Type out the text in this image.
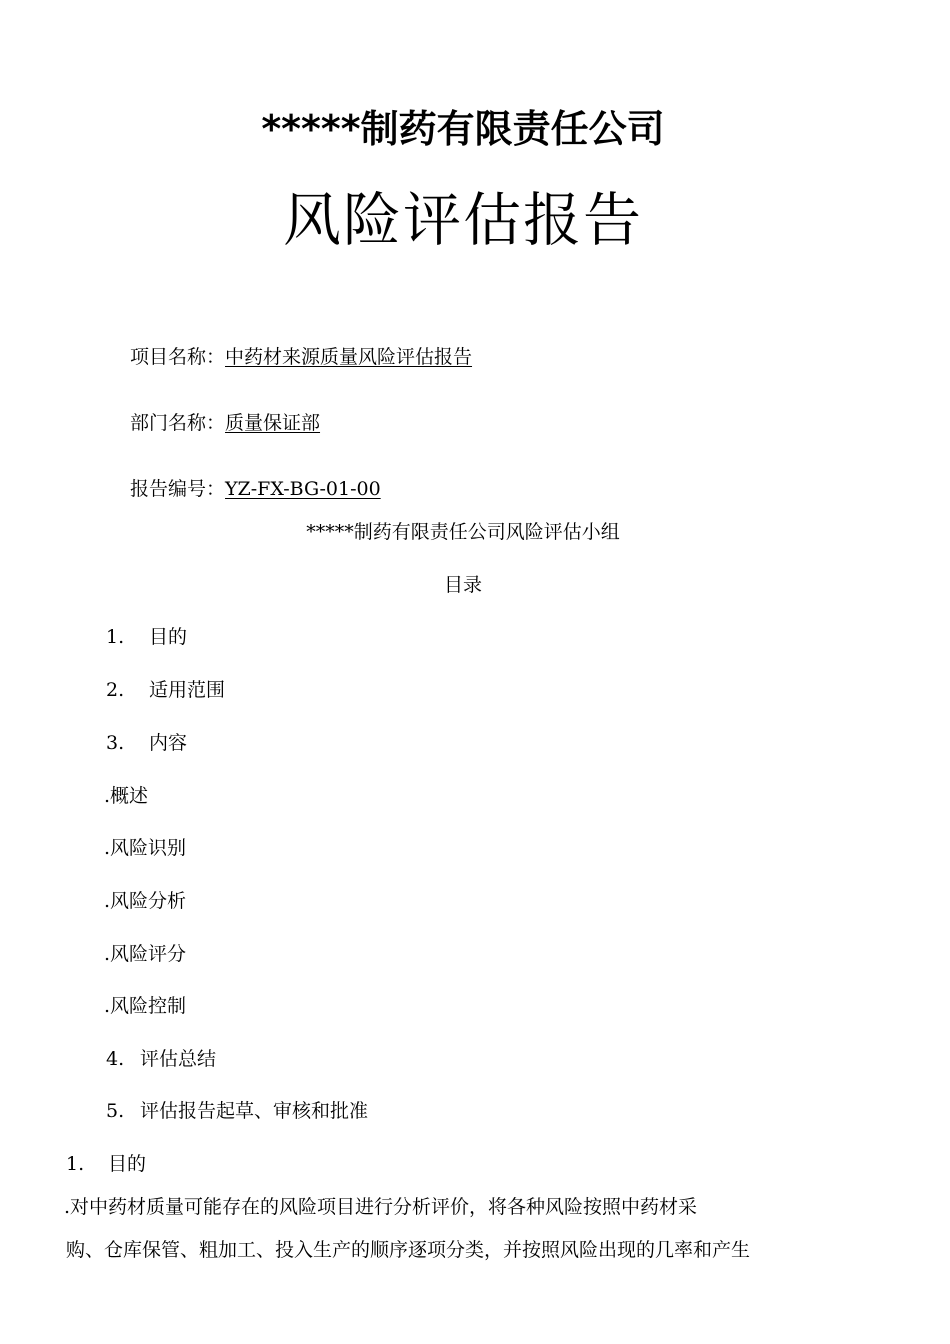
*****制药有限责任公司
风险评估报告
项目名称：中药材来源质量风险评估报告
部门名称：质量保证部
报告编号：YZ-FX-BG-01-00
*****制药有限责任公司风险评估小组
目录
1. 目的
2. 适用范围
3. 内容
.概述
.风险识别
.风险分析
.风险评分
.风险控制
4. 评估总结
5. 评估报告起草、审核和批准
1. 目的
.对中药材质量可能存在的风险项目进行分析评价，将各种风险按照中药材采
购、仓库保管、粗加工、投入生产的顺序逐项分类，并按照风险出现的几率和产生
